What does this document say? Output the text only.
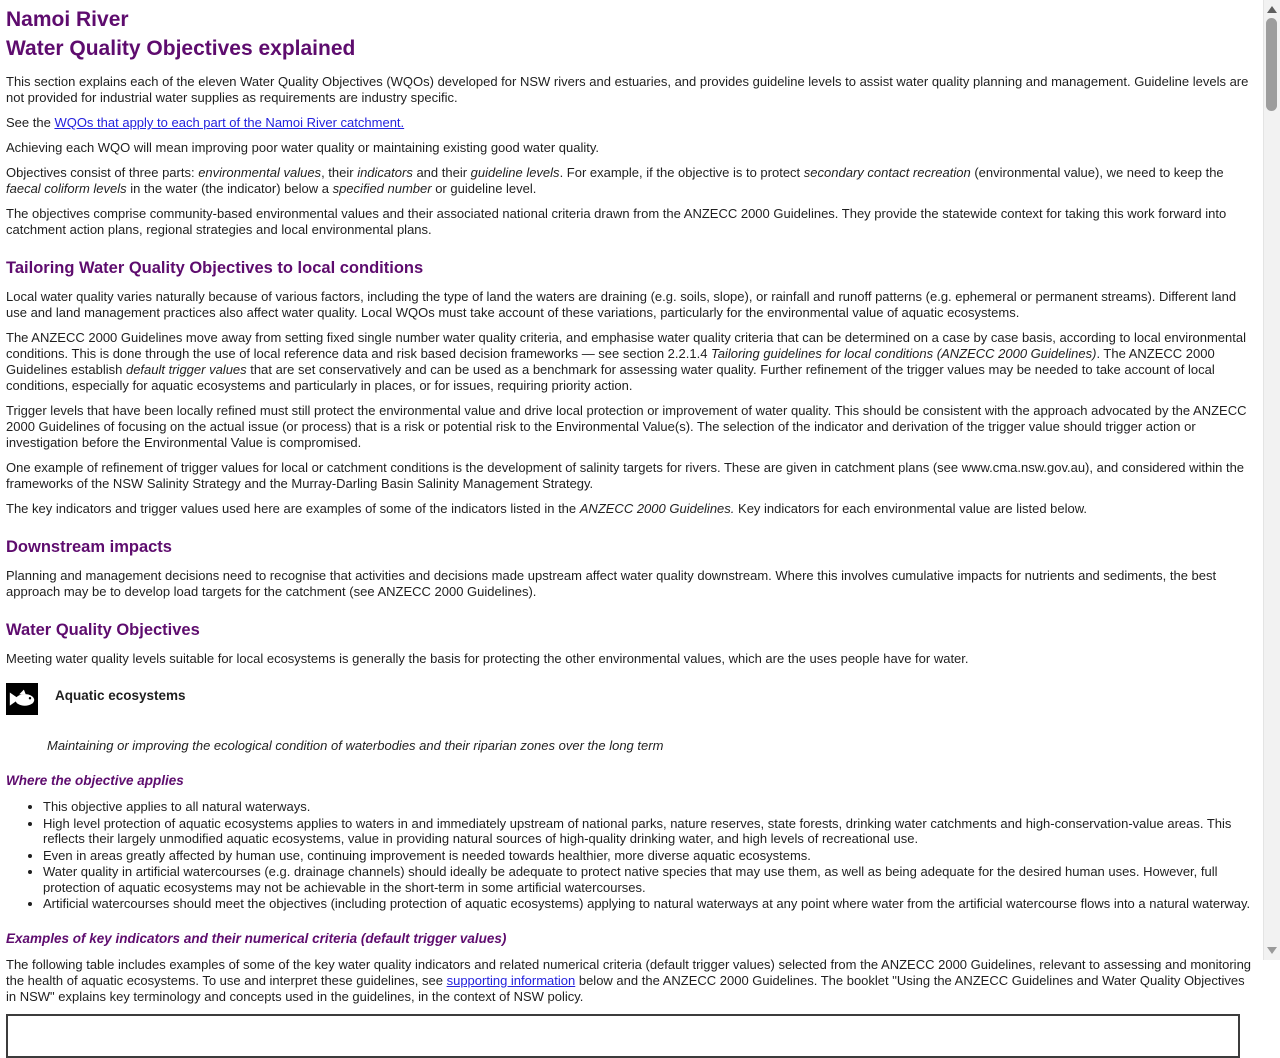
Namoi River
Water Quality Objectives explained

This section explains each of the eleven Water Quality Objectives (WQOs) developed for NSW rivers and estuaries, and provides guideline levels to assist water quality planning and management. Guideline levels are not provided for industrial water supplies as requirements are industry specific.

See the WQOs that apply to each part of the Namoi River catchment.

Achieving each WQO will mean improving poor water quality or maintaining existing good water quality.

Objectives consist of three parts: environmental values, their indicators and their guideline levels. For example, if the objective is to protect secondary contact recreation (environmental value), we need to keep the faecal coliform levels in the water (the indicator) below a specified number or guideline level.

The objectives comprise community-based environmental values and their associated national criteria drawn from the ANZECC 2000 Guidelines. They provide the statewide context for taking this work forward into catchment action plans, regional strategies and local environmental plans.

Tailoring Water Quality Objectives to local conditions

Local water quality varies naturally because of various factors, including the type of land the waters are draining (e.g. soils, slope), or rainfall and runoff patterns (e.g. ephemeral or permanent streams). Different land use and land management practices also affect water quality. Local WQOs must take account of these variations, particularly for the environmental value of aquatic ecosystems.

The ANZECC 2000 Guidelines move away from setting fixed single number water quality criteria, and emphasise water quality criteria that can be determined on a case by case basis, according to local environmental conditions. This is done through the use of local reference data and risk based decision frameworks — see section 2.2.1.4 Tailoring guidelines for local conditions (ANZECC 2000 Guidelines). The ANZECC 2000 Guidelines establish default trigger values that are set conservatively and can be used as a benchmark for assessing water quality. Further refinement of the trigger values may be needed to take account of local conditions, especially for aquatic ecosystems and particularly in places, or for issues, requiring priority action.

Trigger levels that have been locally refined must still protect the environmental value and drive local protection or improvement of water quality. This should be consistent with the approach advocated by the ANZECC 2000 Guidelines of focusing on the actual issue (or process) that is a risk or potential risk to the Environmental Value(s). The selection of the indicator and derivation of the trigger value should trigger action or investigation before the Environmental Value is compromised.

One example of refinement of trigger values for local or catchment conditions is the development of salinity targets for rivers. These are given in catchment plans (see www.cma.nsw.gov.au), and considered within the frameworks of the NSW Salinity Strategy and the Murray-Darling Basin Salinity Management Strategy.

The key indicators and trigger values used here are examples of some of the indicators listed in the ANZECC 2000 Guidelines. Key indicators for each environmental value are listed below.

Downstream impacts

Planning and management decisions need to recognise that activities and decisions made upstream affect water quality downstream. Where this involves cumulative impacts for nutrients and sediments, the best approach may be to develop load targets for the catchment (see ANZECC 2000 Guidelines).

Water Quality Objectives

Meeting water quality levels suitable for local ecosystems is generally the basis for protecting the other environmental values, which are the uses people have for water.

Aquatic ecosystems
Maintaining or improving the ecological condition of waterbodies and their riparian zones over the long term
Where the objective applies
• This objective applies to all natural waterways.
• High level protection of aquatic ecosystems applies to waters in and immediately upstream of national parks, nature reserves, state forests, drinking water catchments and high-conservation-value areas. This reflects their largely unmodified aquatic ecosystems, value in providing natural sources of high-quality drinking water, and high levels of recreational use.
• Even in areas greatly affected by human use, continuing improvement is needed towards healthier, more diverse aquatic ecosystems.
• Water quality in artificial watercourses (e.g. drainage channels) should ideally be adequate to protect native species that may use them, as well as being adequate for the desired human uses. However, full protection of aquatic ecosystems may not be achievable in the short-term in some artificial watercourses.
• Artificial watercourses should meet the objectives (including protection of aquatic ecosystems) applying to natural waterways at any point where water from the artificial watercourse flows into a natural waterway.
Examples of key indicators and their numerical criteria (default trigger values)

The following table includes examples of some of the key water quality indicators and related numerical criteria (default trigger values) selected from the ANZECC 2000 Guidelines, relevant to assessing and monitoring the health of aquatic ecosystems. To use and interpret these guidelines, see supporting information below and the ANZECC 2000 Guidelines. The booklet "Using the ANZECC Guidelines and Water Quality Objectives in NSW" explains key terminology and concepts used in the guidelines, in the context of NSW policy.
